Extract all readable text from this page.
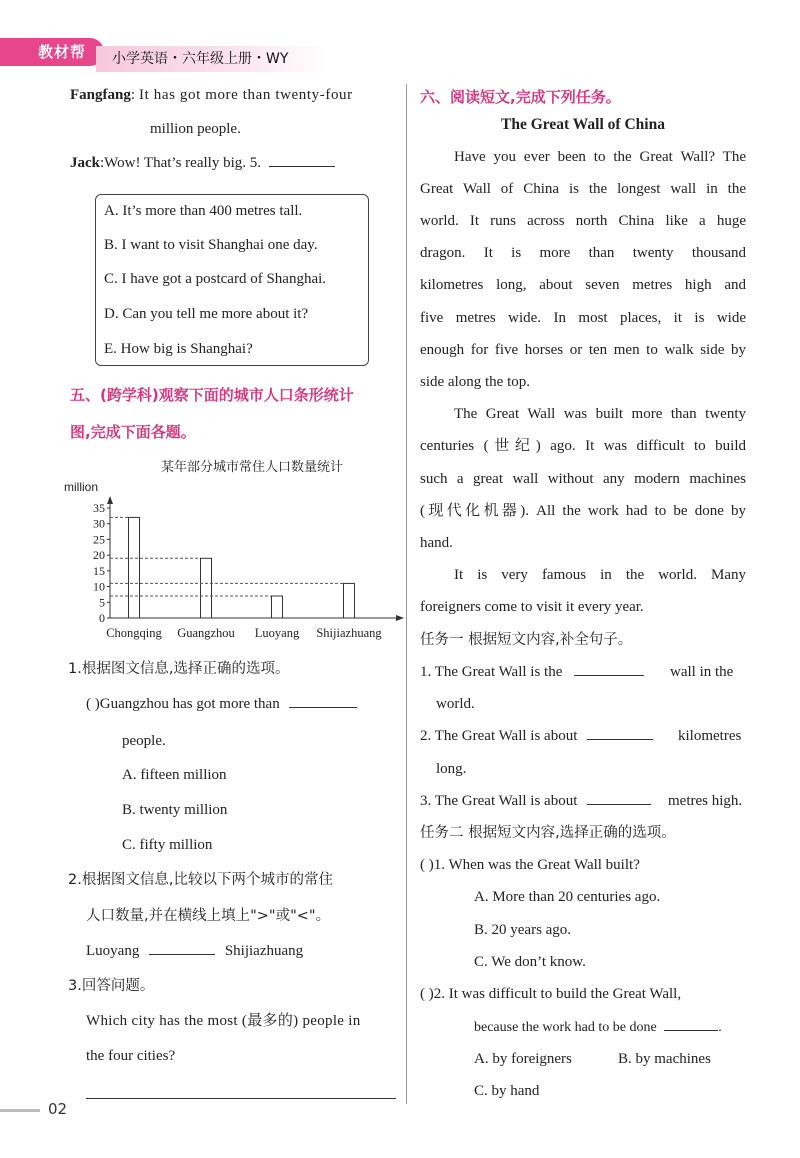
教材帮	小学英语・六年级上册・WY
Fangfang: It has got more than twenty-four
million people.
Jack:Wow! That’s really big. 5.
A. It’s more than 400 metres tall.
B. I want to visit Shanghai one day.
C. I have got a postcard of Shanghai.
D. Can you tell me more about it?
E. How big is Shanghai?
五、(跨学科)观察下面的城市人口条形统计
图,完成下面各题。
某年部分城市常住人口数量统计
million
0
5
10
15
20
25
30
35
Chongqing Guangzhou Luoyang Shijiazhuang
1.根据图文信息,选择正确的选项。
( )Guangzhou has got more than
people.
A. fifteen million
B. twenty million
C. fifty million
2.根据图文信息,比较以下两个城市的常住
人口数量,并在横线上填上">"或"<"。
Luoyang	Shijiazhuang
3.回答问题。
Which city has the most (最多的) people in
the four cities?
六、阅读短文,完成下列任务。
The Great Wall of China
Have you ever been to the Great Wall? The
Great Wall of China is the longest wall in the
world. It runs across north China like a huge
dragon. It is more than twenty thousand
kilometres long, about seven metres high and
five metres wide. In most places, it is wide
enough for five horses or ten men to walk side by
side along the top.
The Great Wall was built more than twenty
centuries (世纪) ago. It was difficult to build
such a great wall without any modern machines
(现代化机器). All the work had to be done by
hand.
It is very famous in the world. Many
foreigners come to visit it every year.
任务一 根据短文内容,补全句子。
1. The Great Wall is the	wall in the
world.
2. The Great Wall is about	kilometres
long.
3. The Great Wall is about	metres high.
任务二 根据短文内容,选择正确的选项。
( )1. When was the Great Wall built?
A. More than 20 centuries ago.
B. 20 years ago.
C. We don’t know.
( )2. It was difficult to build the Great Wall,
because the work had to be done	.
A. by foreigners	B. by machines
C. by hand
02
